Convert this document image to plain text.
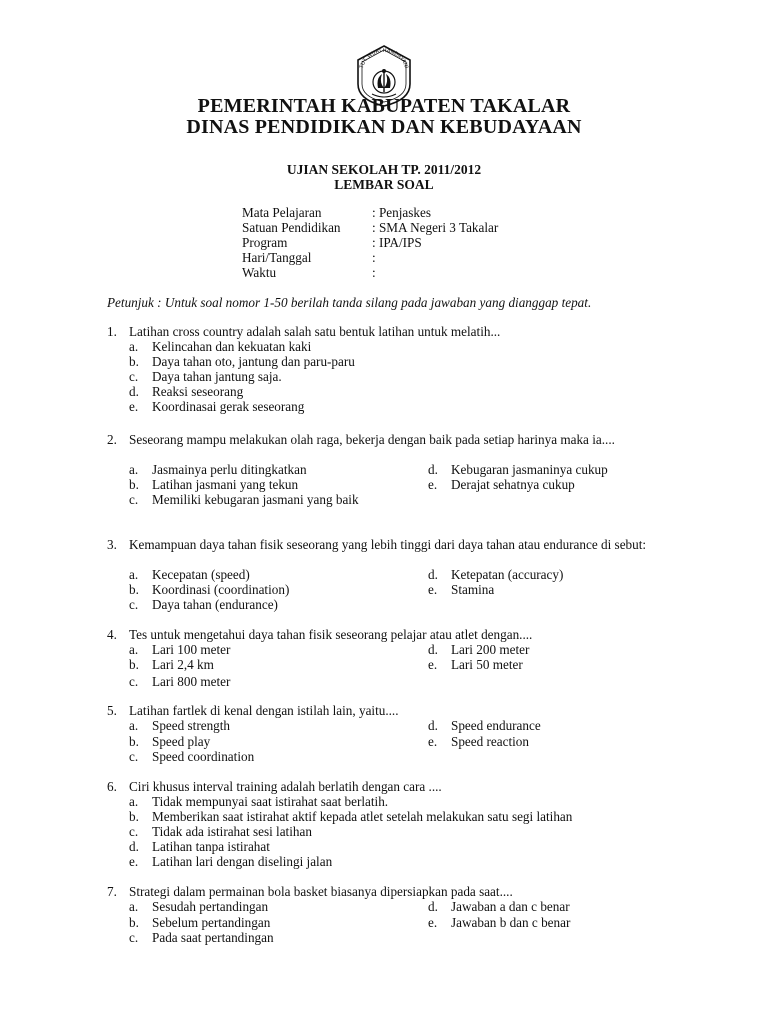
TUT WURI HANDAYANI
PEMERINTAH KABUPATEN TAKALAR
DINAS PENDIDIKAN DAN KEBUDAYAAN
UJIAN SEKOLAH TP. 2011/2012
LEMBAR SOAL
Mata Pelajaran	: Penjaskes
Satuan Pendidikan : SMA Negeri 3 Takalar
Program	: IPA/IPS
Hari/Tanggal	:
Waktu	:
Petunjuk : Untuk soal nomor 1-50 berilah tanda silang pada jawaban yang dianggap tepat.
1. Latihan cross country adalah salah satu bentuk latihan untuk melatih...
a. Kelincahan dan kekuatan kaki
b. Daya tahan oto, jantung dan paru-paru
c. Daya tahan jantung saja.
d. Reaksi seseorang
e. Koordinasai gerak seseorang
2. Seseorang mampu melakukan olah raga, bekerja dengan baik pada setiap harinya maka ia....
a. Jasmainya perlu ditingkatkan
b. Latihan jasmani yang tekun
c. Memiliki kebugaran jasmani yang baik
d. Kebugaran jasmaninya cukup
e. Derajat sehatnya cukup
3. Kemampuan daya tahan fisik seseorang yang lebih tinggi dari daya tahan atau endurance di sebut:
a. Kecepatan (speed)
b. Koordinasi (coordination)
c. Daya tahan (endurance)
d. Ketepatan (accuracy)
e. Stamina
4. Tes untuk mengetahui daya tahan fisik seseorang pelajar atau atlet dengan....
a. Lari 100 meter
b. Lari 2,4 km
c. Lari 800 meter
d. Lari 200 meter
e. Lari 50 meter
5. Latihan fartlek di kenal dengan istilah lain, yaitu....
a. Speed strength
b. Speed play
c. Speed coordination
d. Speed endurance
e. Speed reaction
6. Ciri khusus interval training adalah berlatih dengan cara ....
a. Tidak mempunyai saat istirahat saat berlatih.
b. Memberikan saat istirahat aktif kepada atlet setelah melakukan satu segi latihan
c. Tidak ada istirahat sesi latihan
d. Latihan tanpa istirahat
e. Latihan lari dengan diselingi jalan
7. Strategi dalam permainan bola basket biasanya dipersiapkan pada saat....
a. Sesudah pertandingan
b. Sebelum pertandingan
c. Pada saat pertandingan
d. Jawaban a dan c benar
e. Jawaban b dan c benar
